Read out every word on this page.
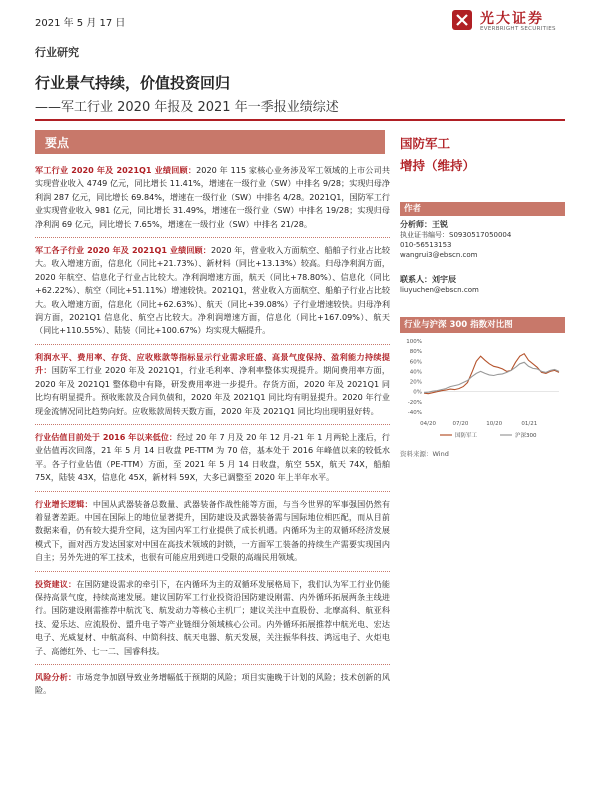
2021 年 5 月 17 日	光大证券
EVERBRIGHT SECURITIES
行业研究
行业景气持续，价值投资回归
——军工行业 2020 年报及 2021 年一季报业绩综述
要点

军工行业 2020 年及 2021Q1 业绩回顾：2020 年 115 家核心业务涉及军工领域的上市公司共实现营业收入 4749 亿元，同比增长 11.41%，增速在一级行业（SW）中排名 9/28；实现归母净利润 287 亿元，同比增长 69.84%，增速在一级行业（SW）中排名 4/28。2021Q1，国防军工行业实现营业收入 981 亿元，同比增长 31.49%，增速在一级行业（SW）中排名 19/28；实现归母净利润 69 亿元，同比增长 7.65%，增速在一级行业（SW）中排名 21/28。

军工各子行业 2020 年及 2021Q1 业绩回顾：2020 年，营业收入方面航空、船舶子行业占比较大。收入增速方面，信息化（同比+21.73%）、新材料（同比+13.13%）较高。归母净利润方面，2020 年航空、信息化子行业占比较大。净利润增速方面，航天（同比+78.80%）、信息化（同比+62.22%）、航空（同比+51.11%）增速较快。2021Q1，营业收入方面航空、船舶子行业占比较大。收入增速方面，信息化（同比+62.63%）、航天（同比+39.08%）子行业增速较快。归母净利润方面，2021Q1 信息化、航空占比较大。净利润增速方面，信息化（同比+167.09%）、航天（同比+110.55%）、陆装（同比+100.67%）均实现大幅提升。

利润水平、费用率、存货、应收账款等指标显示行业需求旺盛、高景气度保持、盈利能力持续提升：国防军工行业 2020 年及 2021Q1，行业毛利率、净利率整体实现提升。期间费用率方面，2020 年及 2021Q1 整体稳中有降，研发费用率进一步提升。存货方面，2020 年及 2021Q1 同比均有明显提升。预收账款及合同负债和，2020 年及 2021Q1 同比均有明显提升。2020 年行业现金流情况同比趋势向好。应收账款周转天数方面，2020 年及 2021Q1 同比均出现明显好转。

行业估值目前处于 2016 年以来低位：经过 20 年 7 月及 20 年 12 月-21 年 1 月两轮上涨后，行业估值再次回落，21 年 5 月 14 日收盘 PE-TTM 为 70 倍，基本处于 2016 年峰值以来的较低水平。各子行业估值（PE-TTM）方面，至 2021 年 5 月 14 日收盘，航空 55X，航天 74X，船舶 75X，陆装 43X，信息化 45X，新材料 59X，大多已调整至 2020 年上半年水平。

行业增长逻辑：中国从武器装备总数量、武器装备作战性能等方面，与当今世界的军事强国仍然有着显著差距。中国在国际上的地位显著提升，国防建设及武器装备需与国际地位相匹配，而从目前数据来看，仍有较大提升空间，这为国内军工行业提供了成长机遇。内循环为主的双循环经济发展模式下，面对西方发达国家对中国在高技术领域的封锁，一方面军工装备的持续生产需要实现国内自主；另外先进的军工技术，也很有可能应用到进口受限的高端民用领域。

投资建议：在国防建设需求的牵引下，在内循环为主的双循环发展格局下，我们认为军工行业仍能保持高景气度，持续高速发展。建议国防军工行业投资沿国防建设刚需、内外循环拓展两条主线进行。国防建设刚需推荐中航沈飞、航发动力等核心主机厂；建议关注中直股份、北摩高科、航亚科技、爱乐达、应流股份、盟升电子等产业链细分领域核心公司。内外循环拓展推荐中航光电、宏达电子、光威复材、中航高科、中简科技、航天电器、航天发展，关注振华科技、鸿远电子、火炬电子、高德红外、七一二、国睿科技。

风险分析：市场竞争加剧导致业务增幅低于预期的风险；项目实施晚于计划的风险；技术创新的风险。

国防军工
增持（维持）
作者
分析师：王锐
执业证书编号：S0930517050004
010-56513153
wangrui3@ebscn.com
联系人：刘宇辰
liuyuchen@ebscn.com
行业与沪深 300 指数对比图
100%
80%
60%
40%
20%
0%
-20%
-40%
04/20	07/20	10/20	01/21
国防军工	沪深300
资料来源：Wind
